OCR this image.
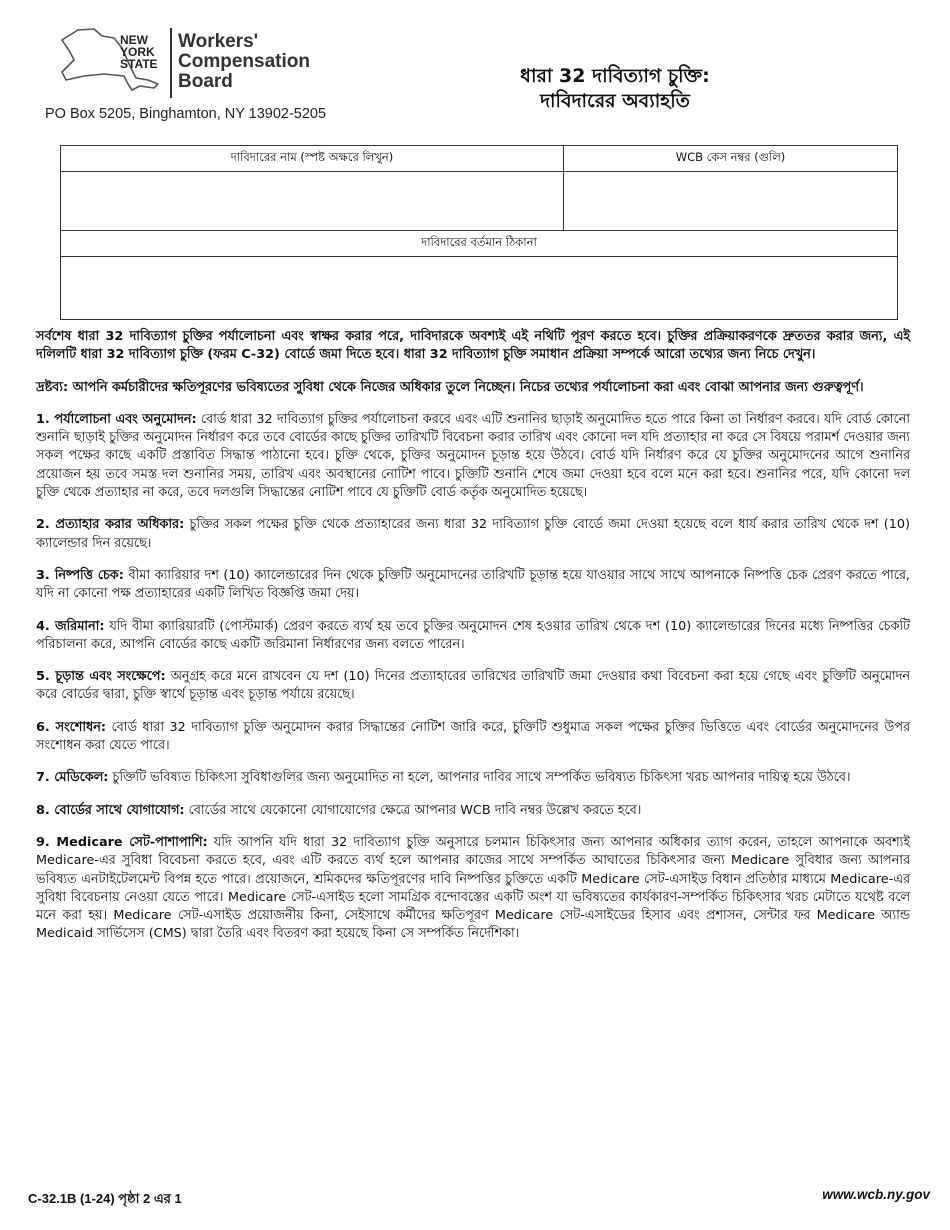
NEW
YORK
STATE
Workers'
Compensation
Board
PO Box 5205, Binghamton, NY 13902-5205
ধারা 32 দাবিত্যাগ চুক্তি:
দাবিদারের অব্যাহতি
দাবিদারের নাম (স্পষ্ট অক্ষরে লিখুন)	WCB কেস নম্বর (গুলি)

দাবিদারের বর্তমান ঠিকানা	

সর্বশেষ ধারা 32 দাবিত্যাগ চুক্তির পর্যালোচনা এবং স্বাক্ষর করার পরে, দাবিদারকে অবশ্যই এই নথিটি পূরণ করতে হবে। চুক্তির প্রক্রিয়াকরণকে দ্রুততর করার জন্য, এই দলিলটি ধারা 32 দাবিত্যাগ চুক্তি (ফরম C-32) বোর্ডে জমা দিতে হবে। ধারা 32 দাবিত্যাগ চুক্তি সমাধান প্রক্রিয়া সম্পর্কে আরো তথ্যের জন্য নিচে দেখুন।

দ্রষ্টব্য: আপনি কর্মচারীদের ক্ষতিপূরণের ভবিষ্যতের সুবিধা থেকে নিজের অধিকার তুলে নিচ্ছেন। নিচের তথ্যের পর্যালোচনা করা এবং বোঝা আপনার জন্য গুরুত্বপূর্ণ।

1. পর্যালোচনা এবং অনুমোদন: বোর্ড ধারা 32 দাবিত্যাগ চুক্তির পর্যালোচনা করবে এবং এটি শুনানির ছাড়াই অনুমোদিত হতে পারে কিনা তা নির্ধারণ করবে। যদি বোর্ড কোনো শুনানি ছাড়াই চুক্তির অনুমোদন নির্ধারণ করে তবে বোর্ডের কাছে চুক্তির তারিখটি বিবেচনা করার তারিখ এবং কোনো দল যদি প্রত্যাহার না করে সে বিষয়ে পরামর্শ দেওয়ার জন্য সকল পক্ষের কাছে একটি প্রস্তাবিত সিদ্ধান্ত পাঠানো হবে। চুক্তি থেকে, চুক্তির অনুমোদন চূড়ান্ত হয়ে উঠবে। বোর্ড যদি নির্ধারণ করে যে চুক্তির অনুমোদনের আগে শুনানির প্রয়োজন হয় তবে সমস্ত দল শুনানির সময়, তারিখ এবং অবস্থানের নোটিশ পাবে। চুক্তিটি শুনানি শেষে জমা দেওয়া হবে বলে মনে করা হবে। শুনানির পরে, যদি কোনো দল চুক্তি থেকে প্রত্যাহার না করে, তবে দলগুলি সিদ্ধান্তের নোটিশ পাবে যে চুক্তিটি বোর্ড কর্তৃক অনুমোদিত হয়েছে।

2. প্রত্যাহার করার অধিকার: চুক্তির সকল পক্ষের চুক্তি থেকে প্রত্যাহারের জন্য ধারা 32 দাবিত্যাগ চুক্তি বোর্ডে জমা দেওয়া হয়েছে বলে ধার্য করার তারিখ থেকে দশ (10) ক্যালেন্ডার দিন রয়েছে।

3. নিষ্পত্তি চেক: বীমা ক্যারিয়ার দশ (10) ক্যালেন্ডারের দিন থেকে চুক্তিটি অনুমোদনের তারিখটি চূড়ান্ত হয়ে যাওয়ার সাথে সাথে আপনাকে নিষ্পত্তি চেক প্রেরণ করতে পারে, যদি না কোনো পক্ষ প্রত্যাহারের একটি লিখিত বিজ্ঞপ্তি জমা দেয়।

4. জরিমানা: যদি বীমা ক্যারিয়ারটি (পোস্টমার্ক) প্রেরণ করতে ব্যর্থ হয় তবে চুক্তির অনুমোদন শেষ হওয়ার তারিখ থেকে দশ (10) ক্যালেন্ডারের দিনের মধ্যে নিষ্পত্তির চেকটি পরিচালনা করে, আপনি বোর্ডের কাছে একটি জরিমানা নির্ধারণের জন্য বলতে পারেন।

5. চূড়ান্ত এবং সংক্ষেপে: অনুগ্রহ করে মনে রাখবেন যে দশ (10) দিনের প্রত্যাহারের তারিখের তারিখটি জমা দেওয়ার কথা বিবেচনা করা হয়ে গেছে এবং চুক্তিটি অনুমোদন করে বোর্ডের দ্বারা, চুক্তি স্বার্থে চূড়ান্ত এবং চূড়ান্ত পর্যায়ে রয়েছে।

6. সংশোধন: বোর্ড ধারা 32 দাবিত্যাগ চুক্তি অনুমোদন করার সিদ্ধান্তের নোটিশ জারি করে, চুক্তিটি শুধুমাত্র সকল পক্ষের চুক্তির ভিত্তিতে এবং বোর্ডের অনুমোদনের উপর সংশোধন করা যেতে পারে।

7. মেডিকেল: চুক্তিটি ভবিষ্যত চিকিৎসা সুবিধাগুলির জন্য অনুমোদিত না হলে, আপনার দাবির সাথে সম্পর্কিত ভবিষ্যত চিকিৎসা খরচ আপনার দায়িত্ব হয়ে উঠবে।

8. বোর্ডের সাথে যোগাযোগ: বোর্ডের সাথে যেকোনো যোগাযোগের ক্ষেত্রে আপনার WCB দাবি নম্বর উল্লেখ করতে হবে।

9. Medicare সেট-পাশাপাশি: যদি আপনি যদি ধারা 32 দাবিত্যাগ চুক্তি অনুসারে চলমান চিকিৎসার জন্য আপনার অধিকার ত্যাগ করেন, তাহলে আপনাকে অবশ্যই Medicare-এর সুবিধা বিবেচনা করতে হবে, এবং এটি করতে ব্যর্থ হলে আপনার কাজের সাথে সম্পর্কিত আঘাতের চিকিৎসার জন্য Medicare সুবিধার জন্য আপনার ভবিষ্যত এনটাইটেলমেন্ট বিপন্ন হতে পারে। প্রয়োজনে, শ্রমিকদের ক্ষতিপূরণের দাবি নিষ্পত্তির চুক্তিতে একটি Medicare সেট-এসাইড বিধান প্রতিষ্ঠার মাধ্যমে Medicare-এর সুবিধা বিবেচনায় নেওয়া যেতে পারে। Medicare সেট-এসাইড হলো সামগ্রিক বন্দোবস্তের একটি অংশ যা ভবিষ্যতের কার্যকারণ-সম্পর্কিত চিকিৎসার খরচ মেটাতে যথেষ্ট বলে মনে করা হয়। Medicare সেট-এসাইড প্রয়োজনীয় কিনা, সেইসাথে কর্মীদের ক্ষতিপূরণ Medicare সেট-এসাইডের হিসাব এবং প্রশাসন, সেন্টার ফর Medicare অ্যান্ড Medicaid সার্ভিসেস (CMS) দ্বারা তৈরি এবং বিতরণ করা হয়েছে কিনা সে সম্পর্কিত নির্দেশিকা।

C-32.1B (1-24) পৃষ্ঠা 2 এর 1	www.wcb.ny.gov
